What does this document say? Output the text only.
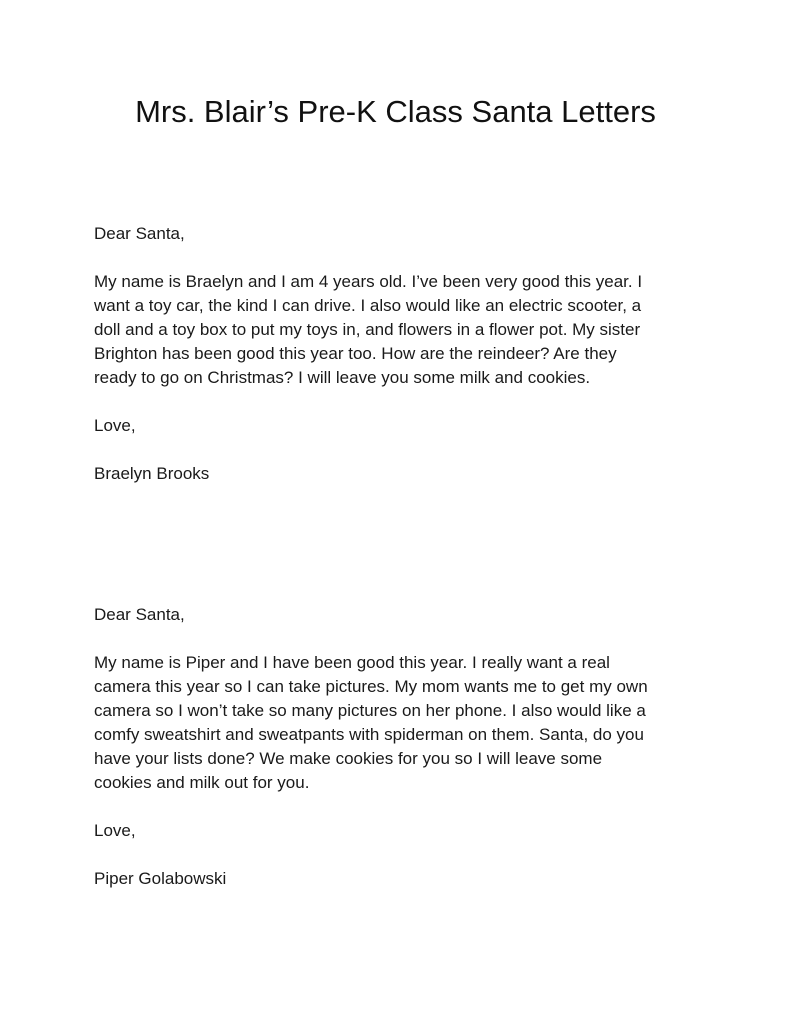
Mrs. Blair’s Pre-K Class Santa Letters

Dear Santa,

My name is Braelyn and I am 4 years old. I’ve been very good this year. I

want a toy car, the kind I can drive. I also would like an electric scooter, a

doll and a toy box to put my toys in, and flowers in a flower pot. My sister

Brighton has been good this year too. How are the reindeer? Are they

ready to go on Christmas? I will leave you some milk and cookies.

Love,

Braelyn Brooks

Dear Santa,

My name is Piper and I have been good this year. I really want a real

camera this year so I can take pictures. My mom wants me to get my own

camera so I won’t take so many pictures on her phone. I also would like a

comfy sweatshirt and sweatpants with spiderman on them. Santa, do you

have your lists done? We make cookies for you so I will leave some

cookies and milk out for you.

Love,

Piper Golabowski
